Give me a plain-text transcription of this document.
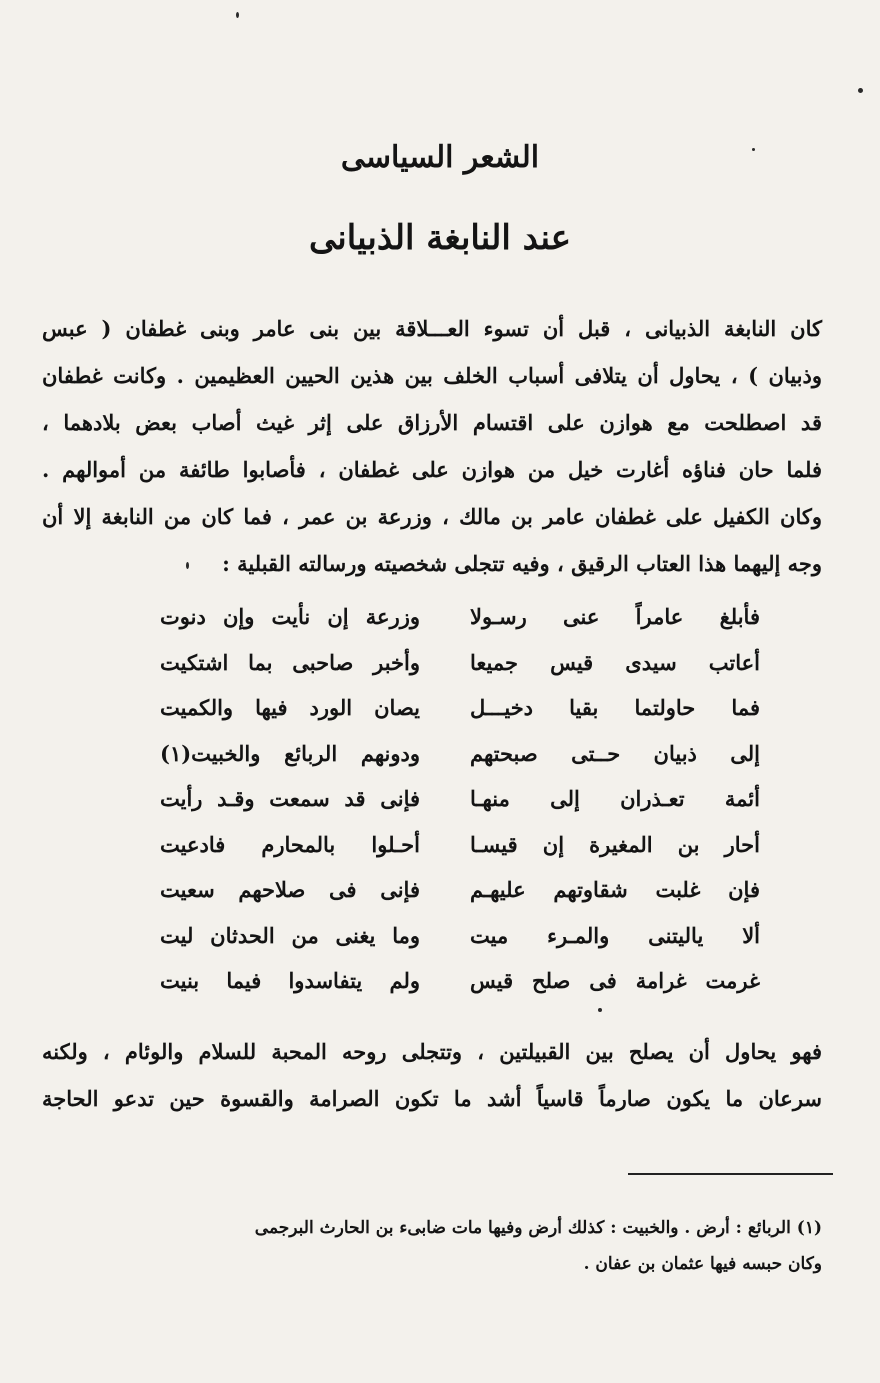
الشعر السياسى
عند النابغة الذبيانى

كان النابغة الذبيانى ، قبل أن تسوء العـــلاقة بين بنى عامر وبنى غطفان ( عبس

وذبيان ) ، يحاول أن يتلافى أسباب الخلف بين هذين الحيين العظيمين . وكانت غطفان

قد اصطلحت مع هوازن على اقتسام الأرزاق على إثر غيث أصاب بعض بلادهما ،

فلما حان فناؤه أغارت خيل من هوازن على غطفان ، فأصابوا طائفة من أموالهم .

وكان الكفيل على غطفان عامر بن مالك ، وزرعة بن عمر ، فما كان من النابغة إلا أن

وجه إليهما هذا العتاب الرقيق ، وفيه تتجلى شخصيته ورسالته القبلية :

فأبلغ عامراً عنى رسـولا
وزرعة إن نأيت وإن دنوت
أعاتب سيدى قيس جميعا
وأخبر صاحبى بما اشتكيت
فما حاولتما بقيا دخيـــل
يصان الورد فيها والكميت
إلى ذبيان حــتى صبحتهم
ودونهم الربائع والخبيت(١)
أئمة تعـذران إلى منهـا
فإنى قد سمعت وقـد رأيت
أحار بن المغيرة إن قيسـا
أحـلوا بالمحارم فادعيت
فإن غلبت شقاوتهم عليهـم
فإنى فى صلاحهم سعيت
ألا ياليتنى والمـرء ميت
وما يغنى من الحدثان ليت
غرمت غرامة فى صلح قيس
ولم يتفاسدوا فيما بنيت

فهو يحاول أن يصلح بين القبيلتين ، وتتجلى روحه المحبة للسلام والوئام ، ولكنه

سرعان ما يكون صارماً قاسياً أشد ما تكون الصرامة والقسوة حين تدعو الحاجة

(١) الربائع : أرض . والخبيت : كذلك أرض وفيها مات ضابىء بن الحارث البرجمى

وكان حبسه فيها عثمان بن عفان .
